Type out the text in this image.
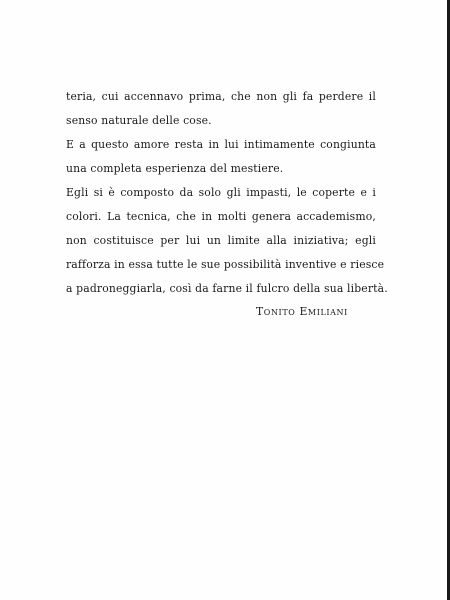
teria, cui accennavo prima, che non gli fa perdere il
senso naturale delle cose.
E a questo amore resta in lui intimamente congiunta
una completa esperienza del mestiere.
Egli si è composto da solo gli impasti, le coperte e i
colori. La tecnica, che in molti genera accademismo,
non costituisce per lui un limite alla iniziativa; egli
rafforza in essa tutte le sue possibilità inventive e riesce
a padroneggiarla, così da farne il fulcro della sua libertà.
Tonito Emiliani
